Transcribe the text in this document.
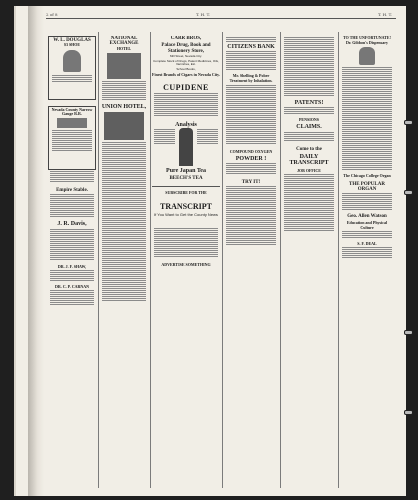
2 of 8	T. H. T.	T. H. T.
W. L. DOUGLAS
$3 SHOE
Nevada County Narrow Gauge R.R.
Empire Stable.
J. R. Davis,
DR. J. F. SHAW,
DR. C. P. CARNAN
NATIONAL EXCHANGE
HOTEL
UNION HOTEL,
CARR BROS,
Palace Drug, Book and Stationery Store,
Mill Street, Nevada City.
Complete Stock of Drugs, Patent Medicines, Oils, Varnishes, Etc.
School Books,
Finest Brands of Cigars in Nevada City.
CUPIDENE
Analysis
Pure Japan Tea
BEECH'S TEA
SUBSCRIBE FOR THE
TRANSCRIPT
If You Want to Get the County News
ADVERTISE SOMETHING
CITIZENS BANK
Mr. Shelling & Pober
Treatment by Inhalation.
COMPOUND OXYGEN
POWDER !
TRY IT!
PATENTS!
PENSIONS
CLAIMS.
Come to the
DAILY TRANSCRIPT
JOB OFFICE
TO THE UNFORTUNATE!
Dr. Gibbon's Dispensary
The Chicago College Organ
THE POPULAR ORGAN
Geo. Allen Watson
Education and Physical Culture
S. F. DEAL
